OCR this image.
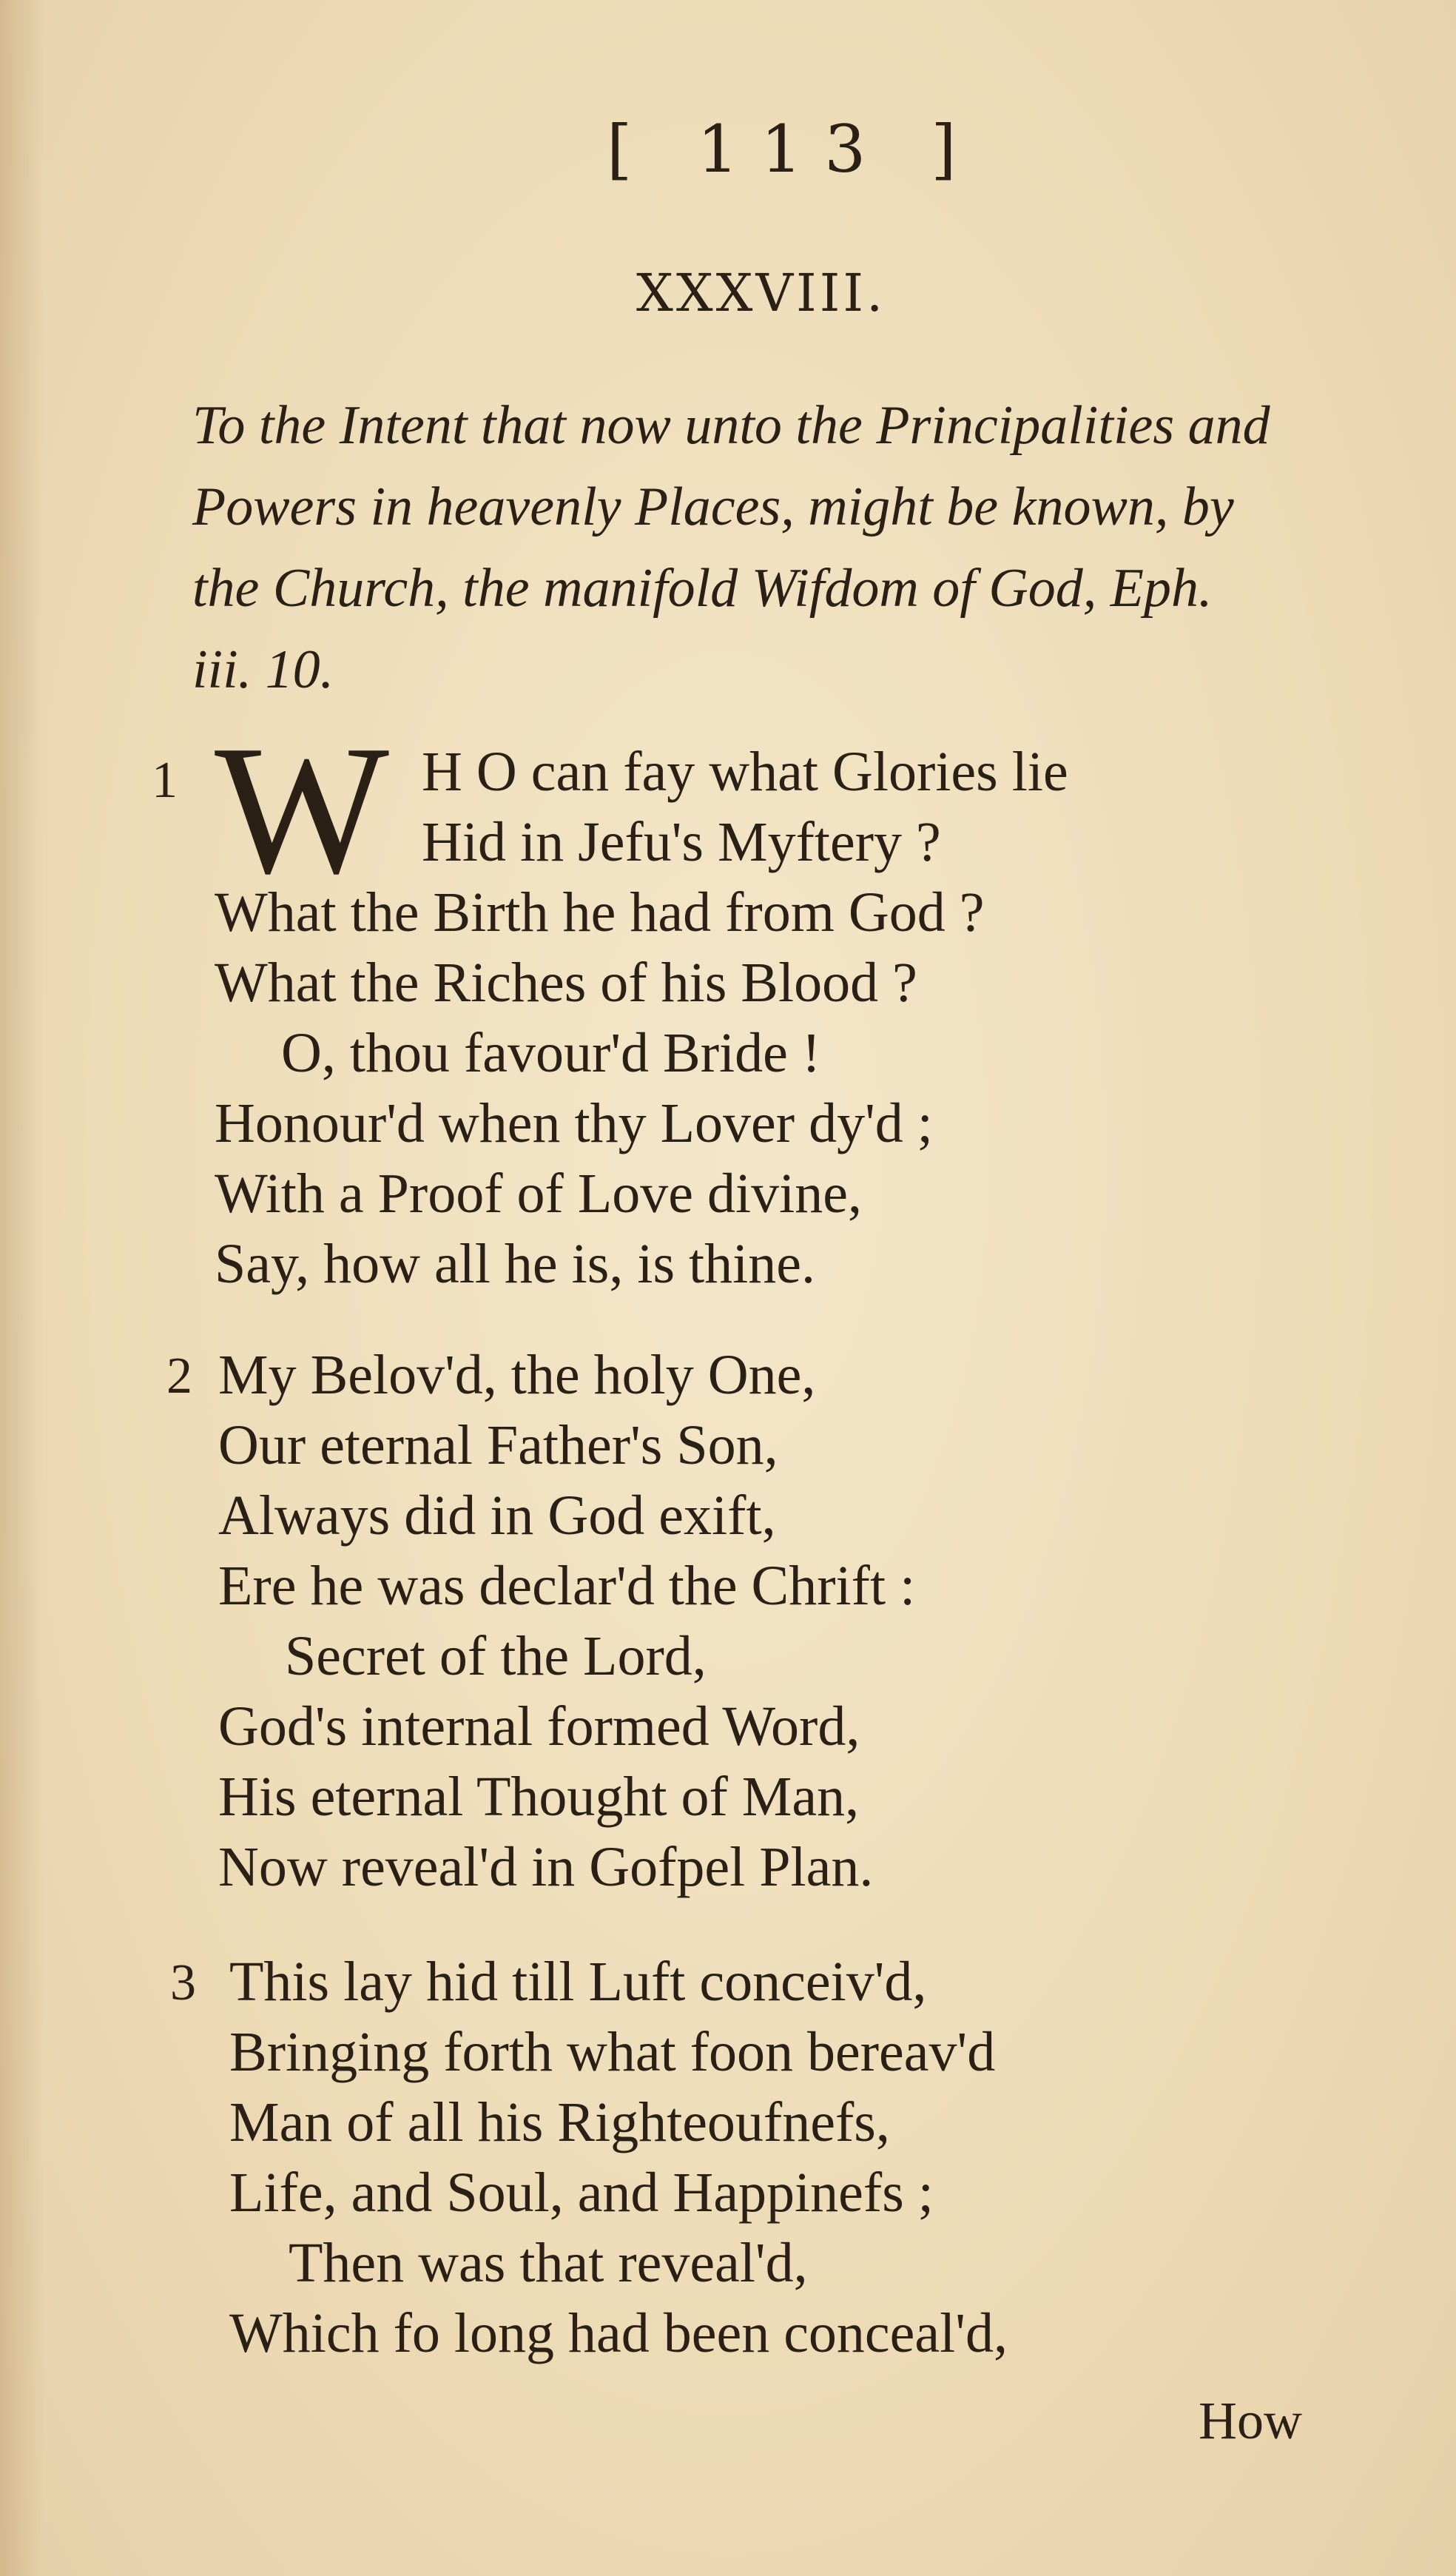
[ 113 ]
XXXVIII.
To the Intent that now unto the Principalities and
Powers in heavenly Places, might be known, by
the Church, the manifold Wifdom of God, Eph.
iii. 10.
1 W H O can fay what Glories lie
Hid in Jefu's Myftery ?
What the Birth he had from God ?
What the Riches of his Blood ?
O, thou favour'd Bride !
Honour'd when thy Lover dy'd ;
With a Proof of Love divine,
Say, how all he is, is thine.
2 My Belov'd, the holy One,
Our eternal Father's Son,
Always did in God exift,
Ere he was declar'd the Chrift :
Secret of the Lord,
God's internal formed Word,
His eternal Thought of Man,
Now reveal'd in Gofpel Plan.
3 This lay hid till Luft conceiv'd,
Bringing forth what foon bereav'd
Man of all his Righteoufnefs,
Life, and Soul, and Happinefs ;
Then was that reveal'd,
Which fo long had been conceal'd,
How
